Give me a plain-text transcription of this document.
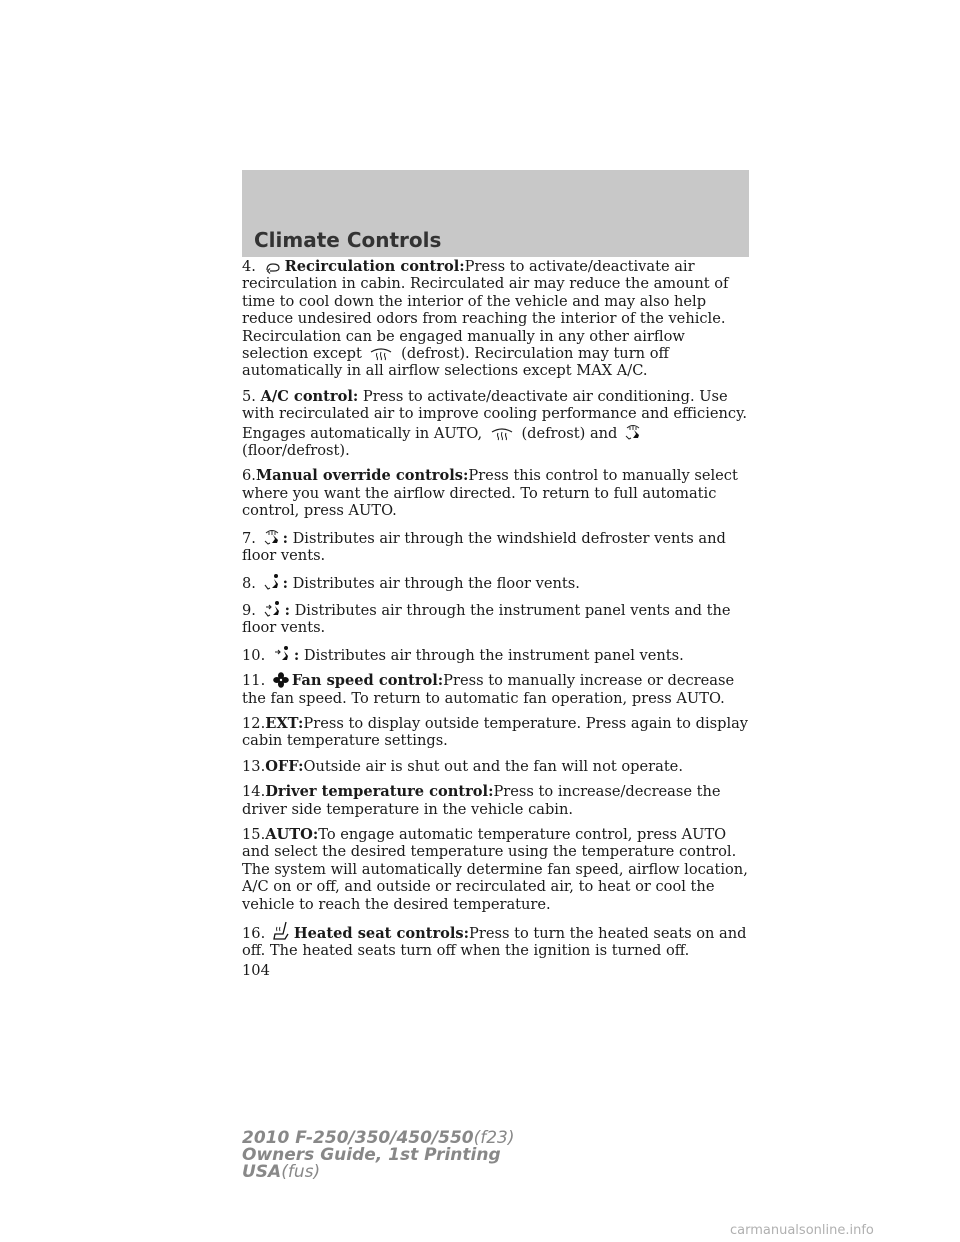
Climate Controls

4. Recirculation control:Press to activate/deactivate air recirculation in cabin. Recirculated air may reduce the amount of time to cool down the interior of the vehicle and may also help reduce undesired odors from reaching the interior of the vehicle. Recirculation can be engaged manually in any other airflow selection except	(defrost). Recirculation may turn off automatically in all airflow selections except MAX A/C.

5. A/C control: Press to activate/deactivate air conditioning. Use with recirculated air to improve cooling performance and efficiency. Engages automatically in AUTO,	(defrost) and
(floor/defrost).

6.Manual override controls:Press this control to manually select where you want the airflow directed. To return to full automatic control, press AUTO.

7. : Distributes air through the windshield defroster vents and floor vents.

8. : Distributes air through the floor vents.

9. : Distributes air through the instrument panel vents and the floor vents.

10. : Distributes air through the instrument panel vents.

11. Fan speed control:Press to manually increase or decrease the fan speed. To return to automatic fan operation, press AUTO.

12.EXT:Press to display outside temperature. Press again to display cabin temperature settings.

13.OFF:Outside air is shut out and the fan will not operate.

14.Driver temperature control:Press to increase/decrease the driver side temperature in the vehicle cabin.

15.AUTO:To engage automatic temperature control, press AUTO and select the desired temperature using the temperature control. The system will automatically determine fan speed, airflow location, A/C on or off, and outside or recirculated air, to heat or cool the vehicle to reach the desired temperature.

16. Heated seat controls:Press to turn the heated seats on and off. The heated seats turn off when the ignition is turned off.

104
2010 F-250/350/450/550(f23)
Owners Guide, 1st Printing
USA(fus)
carmanualsonline.info
